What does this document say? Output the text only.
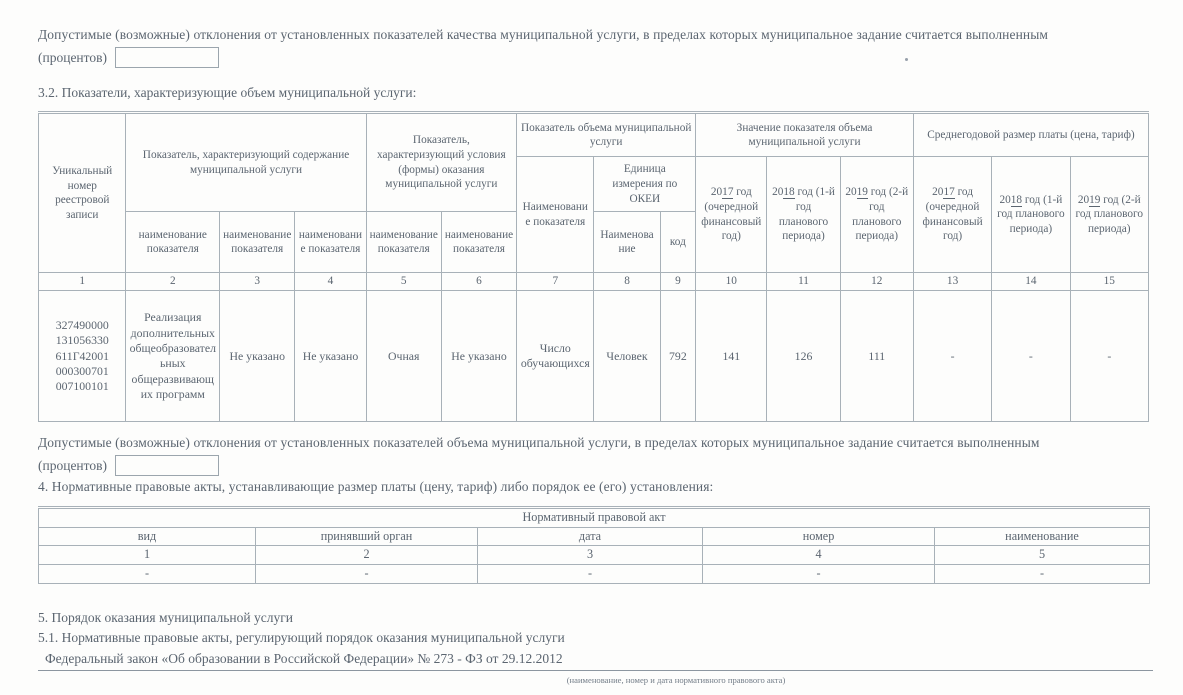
Допустимые (возможные) отклонения от установленных показателей качества муниципальной услуги, в пределах которых муниципальное задание считается выполненным
(процентов)
3.2. Показатели, характеризующие объем муниципальной услуги:
Уникальный номер реестровой записи	Показатель, характеризующий содержание муниципальной услуги			Показатель, характеризующий условия (формы) оказания муниципальной услуги		Показатель объема муниципальной услуги			Значение показателя объема муниципальной услуги			Среднегодовой размер платы (цена, тариф)		
						Наименование показателя	Единица измерения по ОКЕИ		2017 год (очередной финансовый год)	2018 год (1-й год планового периода)	2019 год (2-й год планового периода)	2017 год (очередной финансовый год)	2018 год (1-й год планового периода)	2019 год (2-й год планового периода)
	наименование показателя	наименование показателя	наименование показателя	наименование показателя	наименование показателя		Наименование	код						
1	2	3	4	5	6	7	8	9	10	11	12	13	14	15
327490000 131056330 611Г42001 000300701 007100101	Реализация дополнительных общеобразовательных общеразвивающих программ	Не указано	Не указано	Очная	Не указано	Число обучающихся	Человек	792	141	126	111	-	-	-
Допустимые (возможные) отклонения от установленных показателей объема муниципальной услуги, в пределах которых муниципальное задание считается выполненным
(процентов)
4. Нормативные правовые акты, устанавливающие размер платы (цену, тариф) либо порядок ее (его) установления:
Нормативный правовой акт				
вид	принявший орган	дата	номер	наименование
1	2	3	4	5
-	-	-	-	-
5. Порядок оказания муниципальной услуги
5.1. Нормативные правовые акты, регулирующий порядок оказания муниципальной услуги
Федеральный закон «Об образовании в Российской Федерации» № 273 - ФЗ от 29.12.2012
(наименование, номер и дата нормативного правового акта)
